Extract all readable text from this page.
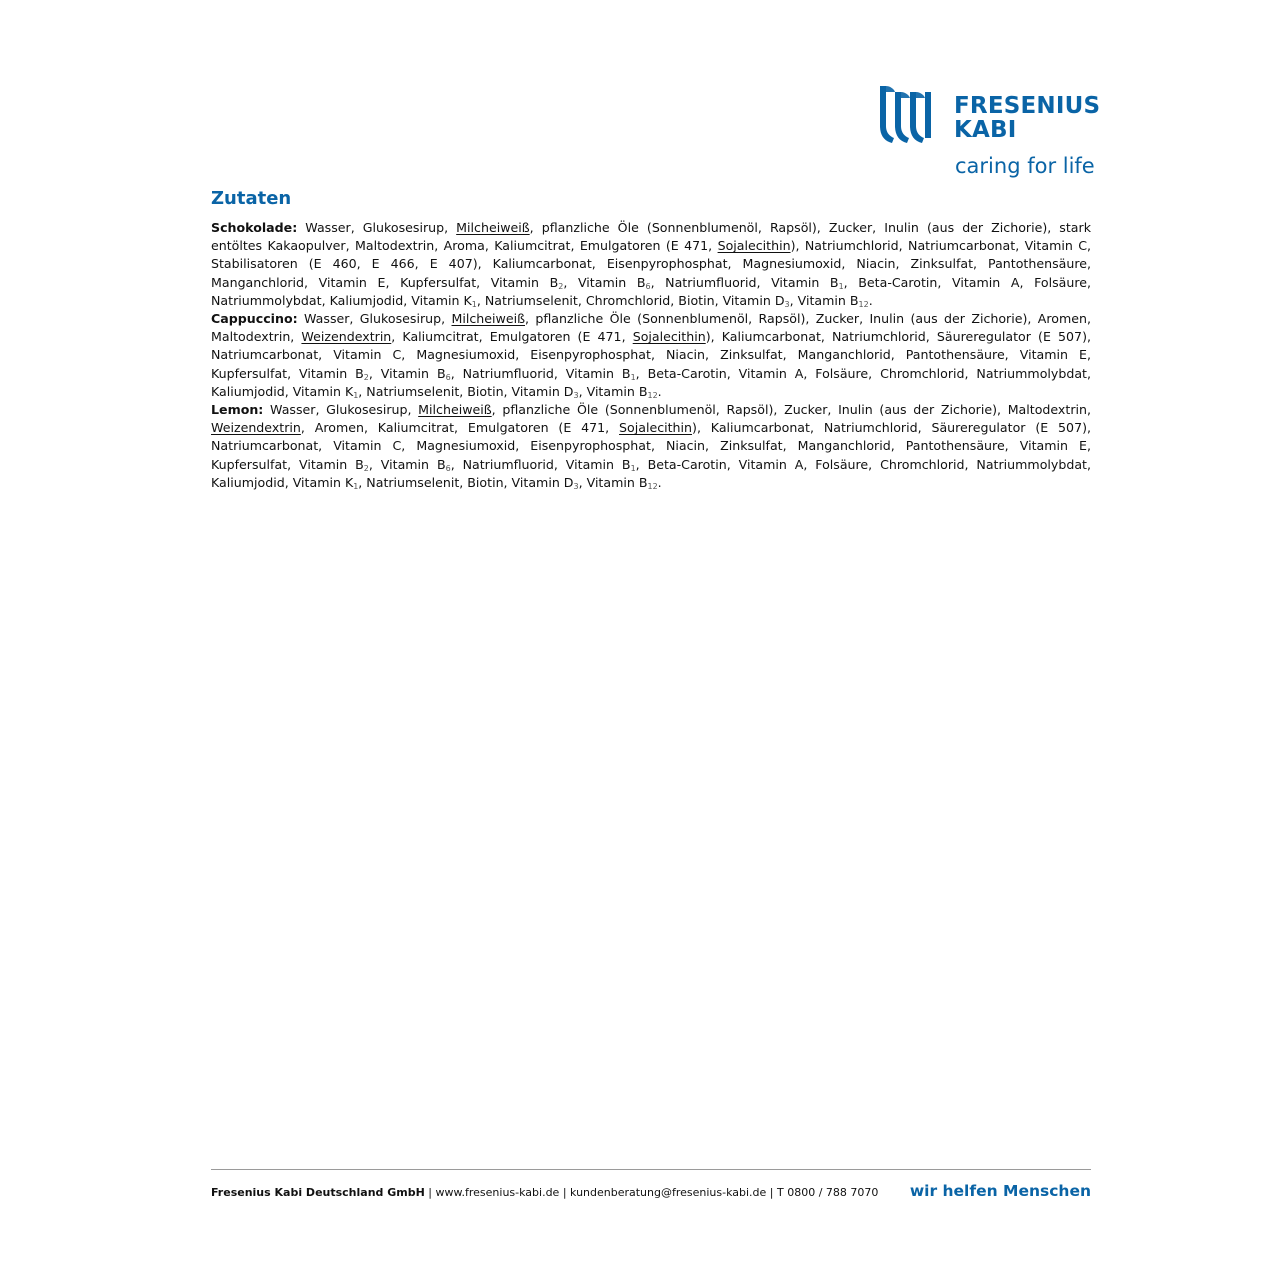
FRESENIUS
KABI
caring for life
Zutaten

Schokolade: Wasser, Glukosesirup, Milcheiweiß, pflanzliche Öle (Sonnenblumenöl, Rapsöl), Zucker, Inulin (aus der Zichorie), stark entöltes Kakaopulver, Maltodextrin, Aroma, Kaliumcitrat, Emulgatoren (E 471, Sojalecithin), Natriumchlorid, Natriumcarbonat, Vitamin C, Stabilisatoren (E 460, E 466, E 407), Kaliumcarbonat, Eisenpyrophosphat, Magnesiumoxid, Niacin, Zinksulfat, Pantothensäure, Manganchlorid, Vitamin E, Kupfersulfat, Vitamin $B_2$, Vitamin $B_6$, Natriumfluorid, Vitamin $B_1$, Beta-Carotin, Vitamin A, Folsäure, Natriummolybdat, Kaliumjodid, Vitamin $K_1$, Natriumselenit, Chromchlorid, Biotin, Vitamin $D_3$, Vitamin $B_{12}$.

Cappuccino: Wasser, Glukosesirup, Milcheiweiß, pflanzliche Öle (Sonnenblumenöl, Rapsöl), Zucker, Inulin (aus der Zichorie), Aromen, Maltodextrin, Weizendextrin, Kaliumcitrat, Emulgatoren (E 471, Sojalecithin), Kaliumcarbonat, Natriumchlorid, Säureregulator (E 507), Natriumcarbonat, Vitamin C, Magnesiumoxid, Eisenpyrophosphat, Niacin, Zinksulfat, Manganchlorid, Pantothensäure, Vitamin E, Kupfersulfat, Vitamin $B_2$, Vitamin $B_6$, Natriumfluorid, Vitamin $B_1$, Beta-Carotin, Vitamin A, Folsäure, Chromchlorid, Natriummolybdat, Kaliumjodid, Vitamin $K_1$, Natriumselenit, Biotin, Vitamin $D_3$, Vitamin $B_{12}$.

Lemon: Wasser, Glukosesirup, Milcheiweiß, pflanzliche Öle (Sonnenblumenöl, Rapsöl), Zucker, Inulin (aus der Zichorie), Maltodextrin, Weizendextrin, Aromen, Kaliumcitrat, Emulgatoren (E 471, Sojalecithin), Kaliumcarbonat, Natriumchlorid, Säureregulator (E 507), Natriumcarbonat, Vitamin C, Magnesiumoxid, Eisenpyrophosphat, Niacin, Zinksulfat, Manganchlorid, Pantothensäure, Vitamin E, Kupfersulfat, Vitamin $B_2$, Vitamin $B_6$, Natriumfluorid, Vitamin $B_1$, Beta-Carotin, Vitamin A, Folsäure, Chromchlorid, Natriummolybdat, Kaliumjodid, Vitamin $K_1$, Natriumselenit, Biotin, Vitamin $D_3$, Vitamin $B_{12}$.

Fresenius Kabi Deutschland GmbH | www.fresenius-kabi.de | kundenberatung@fresenius-kabi.de | T 0800 / 788 7070 wir helfen Menschen
